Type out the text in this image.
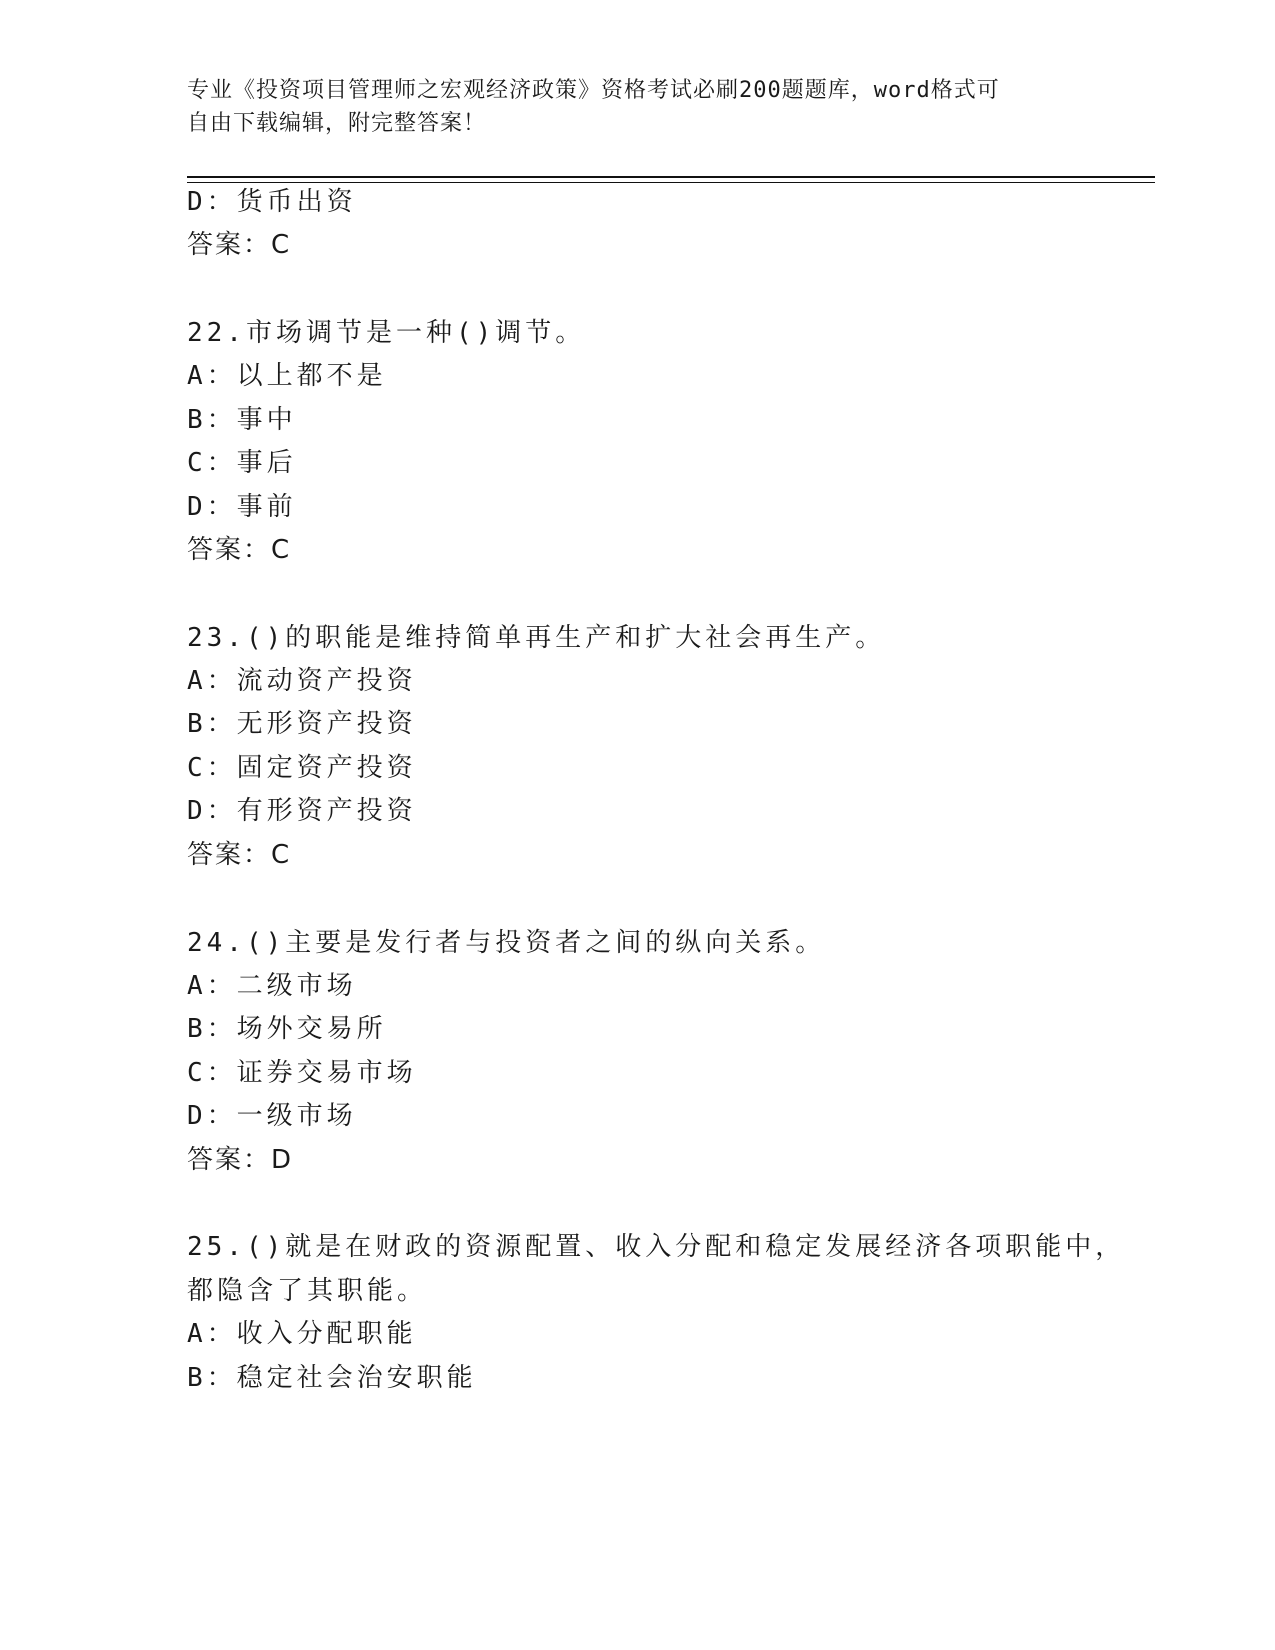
专业《投资项目管理师之宏观经济政策》资格考试必刷200题题库，word格式可
自由下载编辑，附完整答案！
D：货币出资
答案：C
22.市场调节是一种()调节。
A：以上都不是
B：事中
C：事后
D：事前
答案：C
23.()的职能是维持简单再生产和扩大社会再生产。
A：流动资产投资
B：无形资产投资
C：固定资产投资
D：有形资产投资
答案：C
24.()主要是发行者与投资者之间的纵向关系。
A：二级市场
B：场外交易所
C：证券交易市场
D：一级市场
答案：D
25.()就是在财政的资源配置、收入分配和稳定发展经济各项职能中，
都隐含了其职能。
A：收入分配职能
B：稳定社会治安职能
